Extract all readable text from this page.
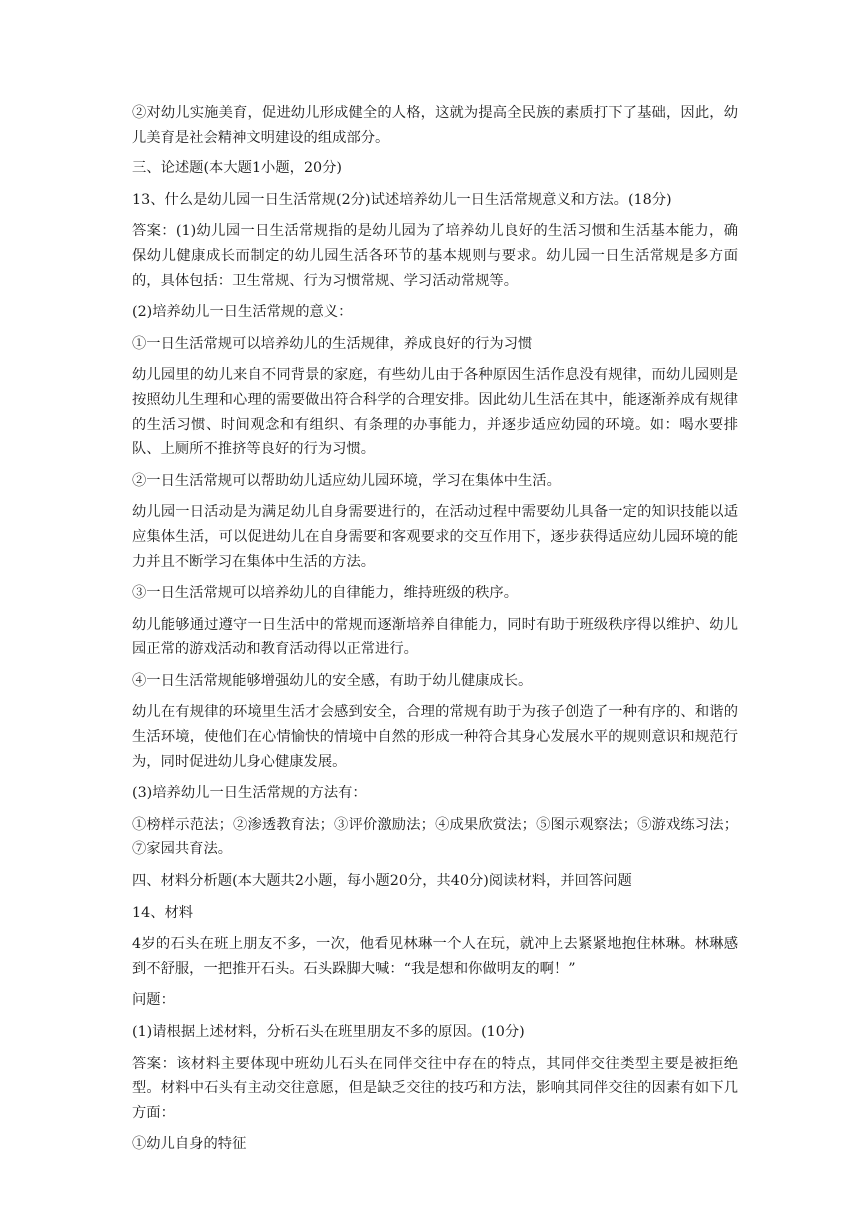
②对幼儿实施美育，促进幼儿形成健全的人格，这就为提高全民族的素质打下了基础，因此，幼儿美育是社会精神文明建设的组成部分。

三、论述题(本大题1小题，20分)

13、什么是幼儿园一日生活常规(2分)试述培养幼儿一日生活常规意义和方法。(18分)

答案：(1)幼儿园一日生活常规指的是幼儿园为了培养幼儿良好的生活习惯和生活基本能力，确保幼儿健康成长而制定的幼儿园生活各环节的基本规则与要求。幼儿园一日生活常规是多方面的，具体包括：卫生常规、行为习惯常规、学习活动常规等。

(2)培养幼儿一日生活常规的意义：

①一日生活常规可以培养幼儿的生活规律，养成良好的行为习惯

幼儿园里的幼儿来自不同背景的家庭，有些幼儿由于各种原因生活作息没有规律，而幼儿园则是按照幼儿生理和心理的需要做出符合科学的合理安排。因此幼儿生活在其中，能逐渐养成有规律的生活习惯、时间观念和有组织、有条理的办事能力，并逐步适应幼园的环境。如：喝水要排队、上厕所不推挤等良好的行为习惯。

②一日生活常规可以帮助幼儿适应幼儿园环境，学习在集体中生活。

幼儿园一日活动是为满足幼儿自身需要进行的，在活动过程中需要幼儿具备一定的知识技能以适应集体生活，可以促进幼儿在自身需要和客观要求的交互作用下，逐步获得适应幼儿园环境的能力并且不断学习在集体中生活的方法。

③一日生活常规可以培养幼儿的自律能力，维持班级的秩序。

幼儿能够通过遵守一日生活中的常规而逐渐培养自律能力，同时有助于班级秩序得以维护、幼儿园正常的游戏活动和教育活动得以正常进行。

④一日生活常规能够增强幼儿的安全感，有助于幼儿健康成长。

幼儿在有规律的环境里生活才会感到安全，合理的常规有助于为孩子创造了一种有序的、和谐的生活环境，使他们在心情愉快的情境中自然的形成一种符合其身心发展水平的规则意识和规范行为，同时促进幼儿身心健康发展。

(3)培养幼儿一日生活常规的方法有：

①榜样示范法；②渗透教育法；③评价激励法；④成果欣赏法；⑤图示观察法；⑤游戏练习法；⑦家园共育法。

四、材料分析题(本大题共2小题，每小题20分，共40分)阅读材料，并回答问题

14、材料

4岁的石头在班上朋友不多，一次，他看见林琳一个人在玩，就冲上去紧紧地抱住林琳。林琳感到不舒服，一把推开石头。石头跺脚大喊：“我是想和你做明友的啊！”

问题：

(1)请根据上述材料，分析石头在班里朋友不多的原因。(10分)

答案：该材料主要体现中班幼儿石头在同伴交往中存在的特点，其同伴交往类型主要是被拒绝型。材料中石头有主动交往意愿，但是缺乏交往的技巧和方法，影响其同伴交往的因素有如下几方面：

①幼儿自身的特征
